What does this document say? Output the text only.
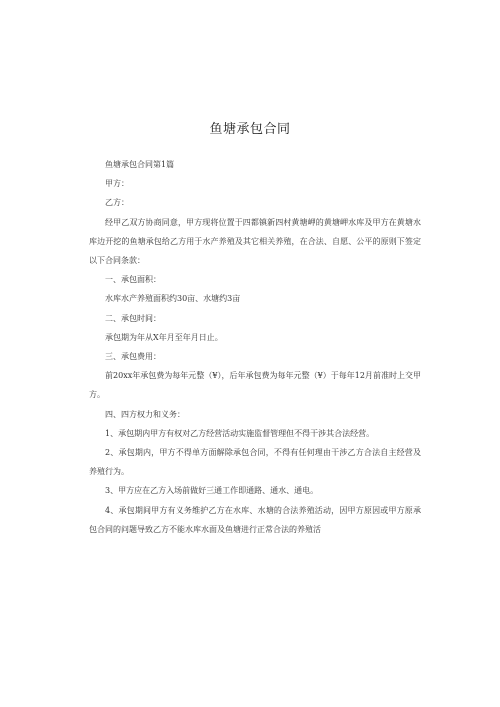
鱼塘承包合同

鱼塘承包合同第1篇

甲方：

乙方：

经甲乙双方协商同意，甲方现将位置于四都镇新四村黄塘岬的黄塘岬水库及甲方在黄塘水库边开挖的鱼塘承包给乙方用于水产养殖及其它相关养殖，在合法、自愿、公平的原则下签定以下合同条款：

一、承包面积：

水库水产养殖面积约30亩、水塘约3亩

二、承包时间：

承包期为年从X年月至年月日止。

三、承包费用：

前20xx年承包费为每年元整（¥），后年承包费为每年元整（¥）于每年12月前准时上交甲方。

四、四方权力和义务：

1、承包期内甲方有权对乙方经营活动实施监督管理但不得干涉其合法经营。

2、承包期内，甲方不得单方面解除承包合同，不得有任何理由干涉乙方合法自主经营及养殖行为。

3、甲方应在乙方入场前做好三通工作即通路、通水、通电。

4、承包期间甲方有义务维护乙方在水库、水塘的合法养殖活动，因甲方原因或甲方原承包合同的问题导致乙方不能水库水面及鱼塘进行正常合法的养殖活
